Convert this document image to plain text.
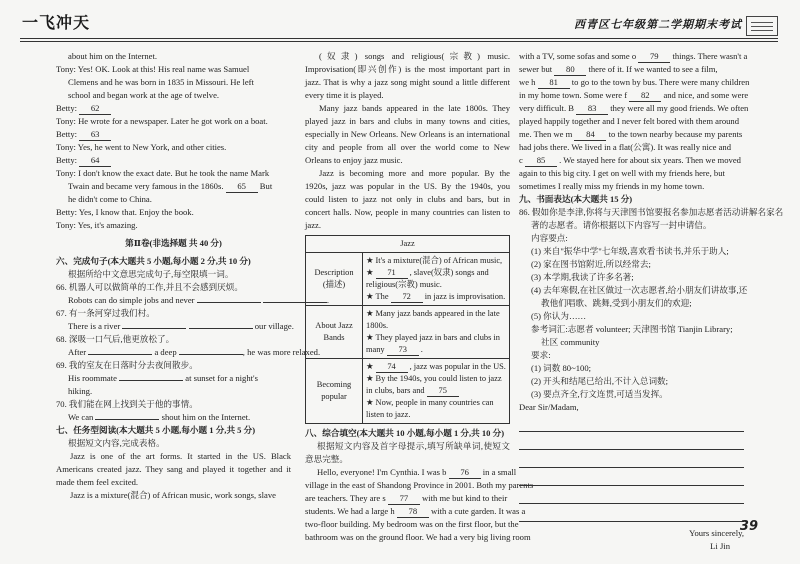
一飞冲天	西青区七年级第二学期期末考试

about him on the Internet.

Tony: Yes! OK. Look at this! His real name was Samuel

Clemens and he was born in 1835 in Missouri. He left

school and began work at the age of twelve.

Betty: 62

Tony: He wrote for a newspaper. Later he got work on a boat.

Betty: 63

Tony: Yes, he went to New York, and other cities.

Betty: 64

Tony: I don't know the exact date. But he took the name Mark

Twain and became very famous in the 1860s. 65 But

he didn't come to China.

Betty: Yes, I know that. Enjoy the book.

Tony: Yes, it's amazing.

第Ⅱ卷(非选择题 共 40 分)

六、完成句子(本大题共 5 小题,每小题 2 分,共 10 分)

根据所给中文意思完成句子,每空限填一词。

66. 机器人可以做简单的工作,并且不会感到厌烦。

Robots can do simple jobs and never	.

67. 有一条河穿过我们村。

There is a river	our village.

68. 深吸一口气后,他更放松了。

After	a deep	, he was more relaxed.

69. 我的室友在日落时分去夜间散步。

His roommate	at sunset for a night's

hiking.

70. 我们能在网上找到关于他的事情。

We can	shout him on the Internet.

七、任务型阅读(本大题共 5 小题,每小题 1 分,共 5 分)

根据短文内容,完成表格。

Jazz is one of the art forms. It started in the US. Black Americans created jazz. They sang and played it together and it made them feel excited.

Jazz is a mixture(混合) of African music, work songs, slave

(奴隶) songs and religious(宗教) music. Improvisation(即兴创作) is the most important part in jazz. That is why a jazz song might sound a little different every time it is played.

Many jazz bands appeared in the late 1800s. They played jazz in bars and clubs in many towns and cities, especially in New Orleans. New Orleans is an international city and people from all over the world come to New Orleans to enjoy jazz music.

Jazz is becoming more and more popular. By the 1920s, jazz was popular in the US. By the 1940s, you could listen to jazz not only in clubs and bars, but in concert halls. Now, people in many countries can listen to jazz.

Jazz	
Description (描述)	★ It's a mixture(混合) of African music,
★ 71 , slave(奴隶) songs and religious(宗教) music.
★ The 72 in jazz is improvisation.

About Jazz Bands	★ Many jazz bands appeared in the late 1800s.
★ They played jazz in bars and clubs in many 73 .

Becoming popular	★ 74 , jazz was popular in the US.
★ By the 1940s, you could listen to jazz in clubs, bars and 75
★ Now, people in many countries can listen to jazz.

八、综合填空(本大题共 10 小题,每小题 1 分,共 10 分)

根据短文内容及首字母提示,填写所缺单词,使短文意思完整。

Hello, everyone! I'm Cynthia. I was b 76 in a small

village in the east of Shandong Province in 2001. Both my parents

are teachers. They are s 77 with me but kind to their

students. We had a large h 78 with a cute garden. It was a

two-floor building. My bedroom was on the first floor, but the

bathroom was on the ground floor. We had a very big living room

with a TV, some sofas and some o 79 things. There wasn't a

sewer but 80 there of it. If we wanted to see a film,

we h 81 to go to the town by bus. There were many children

in my home town. Some were f 82 and nice, and some were

very difficult. B 83 they were all my good friends. We often

played happily together and I never felt bored with them around

me. Then we m 84 to the town nearby because my parents

had jobs there. We lived in a flat(公寓). It was really nice and

c 85 . We stayed here for about six years. Then we moved

again to this big city. I get on well with my friends here, but

sometimes I really miss my friends in my home town.

九、书面表达(本大题共 15 分)

86. 假如你是李津,你将与天津图书馆要报名参加志愿者活动讲解名家名

著的志愿者。请你根据以下内容写一封申请信。

内容要点:

(1) 来自"振华中学"七年级,喜欢看书读书,并乐于助人;

(2) 家在图书馆附近,所以经常去;

(3) 本学期,我读了许多名著;

(4) 去年寒假,在社区做过一次志愿者,给小朋友们讲故事,还

教他们唱歌、跳舞,受到小朋友们的欢迎;

(5) 你认为……

参考词汇:志愿者 volunteer; 天津图书馆 Tianjin Library;

社区 community

要求:

(1) 词数 80~100;

(2) 开头和结尾已给出,不计入总词数;

(3) 要点齐全,行文连贯,可适当发挥。

Dear Sir/Madam,

Yours sincerely,

Li Jin

39
